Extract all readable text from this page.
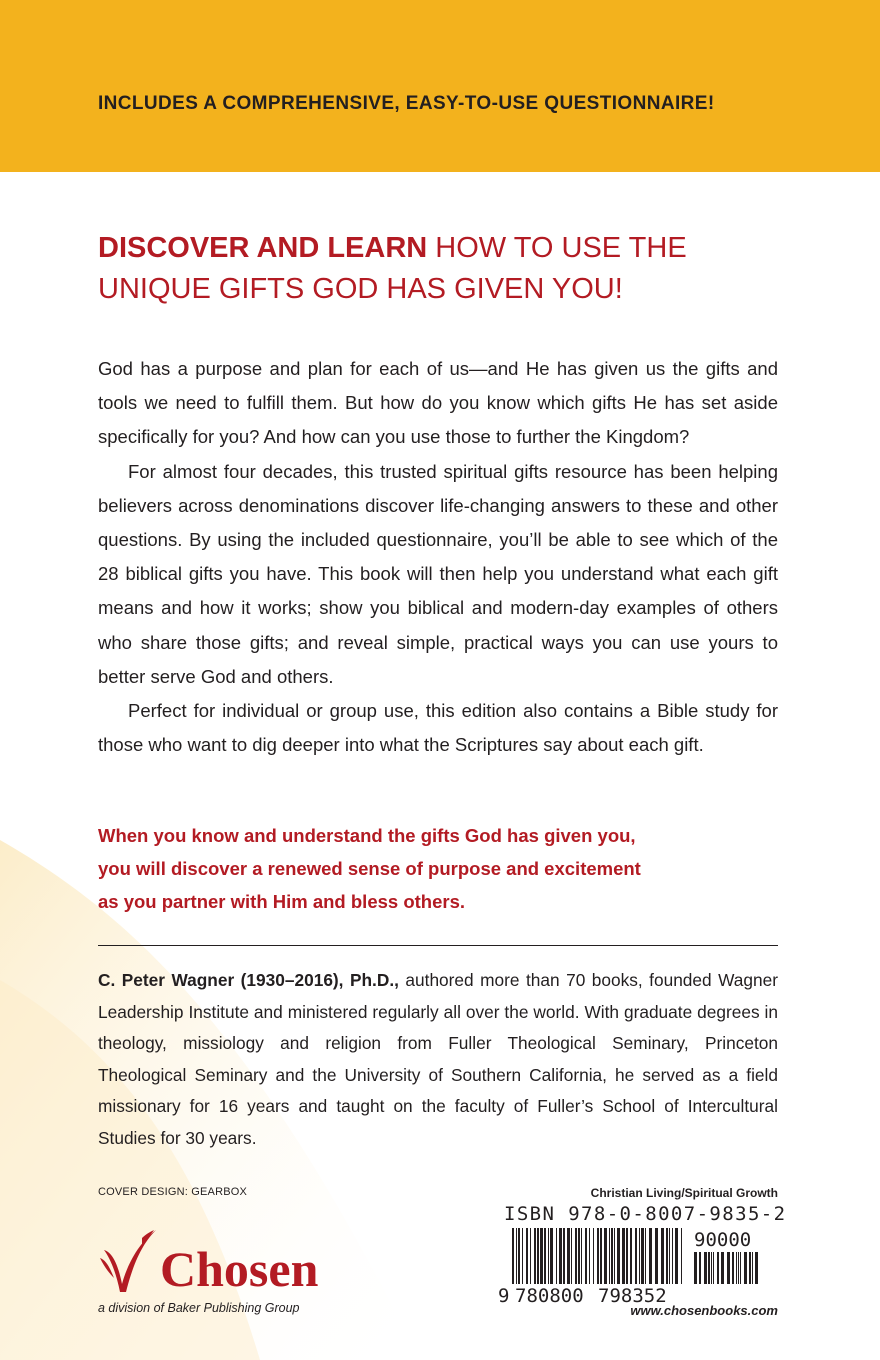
INCLUDES A COMPREHENSIVE, EASY-TO-USE QUESTIONNAIRE!
DISCOVER AND LEARN HOW TO USE THE UNIQUE GIFTS GOD HAS GIVEN YOU!

God has a purpose and plan for each of us—and He has given us the gifts and tools we need to fulfill them. But how do you know which gifts He has set aside specifically for you? And how can you use those to further the Kingdom?

For almost four decades, this trusted spiritual gifts resource has been helping believers across denominations discover life-changing answers to these and other questions. By using the included questionnaire, you’ll be able to see which of the 28 biblical gifts you have. This book will then help you understand what each gift means and how it works; show you biblical and modern-day examples of others who share those gifts; and reveal simple, practical ways you can use yours to better serve God and others.

Perfect for individual or group use, this edition also contains a Bible study for those who want to dig deeper into what the Scriptures say about each gift.

When you know and understand the gifts God has given you,
you will discover a renewed sense of purpose and excitement
as you partner with Him and bless others.
C. Peter Wagner (1930–2016), Ph.D., authored more than 70 books, founded Wagner Leadership Institute and ministered regularly all over the world. With graduate degrees in theology, missiology and religion from Fuller Theological Seminary, Princeton Theological Seminary and the University of Southern California, he served as a field missionary for 16 years and taught on the faculty of Fuller’s School of Intercultural Studies for 30 years.
COVER DESIGN: GEARBOX
Chosen
a division of Baker Publishing Group
Christian Living/Spiritual Growth
ISBN 978-0-8007-9835-2
9 780800 798352
90000
www.chosenbooks.com
